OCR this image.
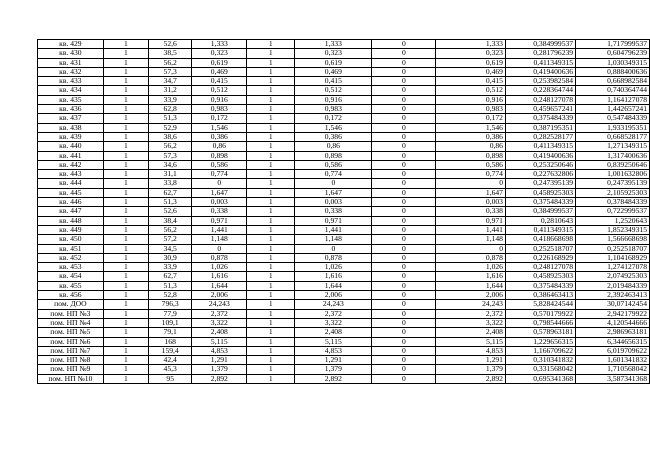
кв. 429	1	52,6	1,333	1	1,333	0	1,333	0,384999537	1,717999537
кв. 430	1	38,5	0,323	1	0,323	0	0,323	0,281796239	0,604796239
кв. 431	1	56,2	0,619	1	0,619	0	0,619	0,411349315	1,030349315
кв. 432	1	57,3	0,469	1	0,469	0	0,469	0,419400636	0,888400636
кв. 433	1	34,7	0,415	1	0,415	0	0,415	0,253982584	0,668982584
кв. 434	1	31,2	0,512	1	0,512	0	0,512	0,228364744	0,740364744
кв. 435	1	33,9	0,916	1	0,916	0	0,916	0,248127078	1,164127078
кв. 436	1	62,8	0,983	1	0,983	0	0,983	0,459657241	1,442657241
кв. 437	1	51,3	0,172	1	0,172	0	0,172	0,375484339	0,547484339
кв. 438	1	52,9	1,546	1	1,546	0	1,546	0,387195351	1,933195351
кв. 439	1	38,6	0,386	1	0,386	0	0,386	0,282528177	0,668528177
кв. 440	1	56,2	0,86	1	0,86	0	0,86	0,411349315	1,271349315
кв. 441	1	57,3	0,898	1	0,898	0	0,898	0,419400636	1,317400636
кв. 442	1	34,6	0,586	1	0,586	0	0,586	0,253250646	0,839250646
кв. 443	1	31,1	0,774	1	0,774	0	0,774	0,227632806	1,001632806
кв. 444	1	33,8	0	1	0	0	0	0,247395139	0,247395139
кв. 445	1	62,7	1,647	1	1,647	0	1,647	0,458925303	2,105925303
кв. 446	1	51,3	0,003	1	0,003	0	0,003	0,375484339	0,378484339
кв. 447	1	52,6	0,338	1	0,338	0	0,338	0,384999537	0,722999537
кв. 448	1	38,4	0,971	1	0,971	0	0,971	0,2810643	1,2520643
кв. 449	1	56,2	1,441	1	1,441	0	1,441	0,411349315	1,852349315
кв. 450	1	57,2	1,148	1	1,148	0	1,148	0,418668698	1,566668698
кв. 451	1	34,5	0	1	0	0	0	0,252518707	0,252518707
кв. 452	1	30,9	0,878	1	0,878	0	0,878	0,226168929	1,104168929
кв. 453	1	33,9	1,026	1	1,026	0	1,026	0,248127078	1,274127078
кв. 454	1	62,7	1,616	1	1,616	0	1,616	0,458925303	2,074925303
кв. 455	1	51,3	1,644	1	1,644	0	1,644	0,375484339	2,019484339
кв. 456	1	52,8	2,006	1	2,006	0	2,006	0,386463413	2,392463413
пом. ДОО	1	796,3	24,243	1	24,243	0	24,243	5,828424544	30,07142454
пом. НП №3	1	77,9	2,372	1	2,372	0	2,372	0,570179922	2,942179922
пом. НП №4	1	109,1	3,322	1	3,322	0	3,322	0,798544666	4,120544666
пом. НП №5	1	79,1	2,408	1	2,408	0	2,408	0,578963181	2,986963181
пом. НП №6	1	168	5,115	1	5,115	0	5,115	1,229656315	6,344656315
пом. НП №7	1	159,4	4,853	1	4,853	0	4,853	1,166709622	6,019709622
пом. НП №8	1	42,4	1,291	1	1,291	0	1,291	0,310341832	1,601341832
пом. НП №9	1	45,3	1,379	1	1,379	0	1,379	0,331568042	1,710568042
пом. НП №10	1	95	2,892	1	2,892	0	2,892	0,695341368	3,587341368
